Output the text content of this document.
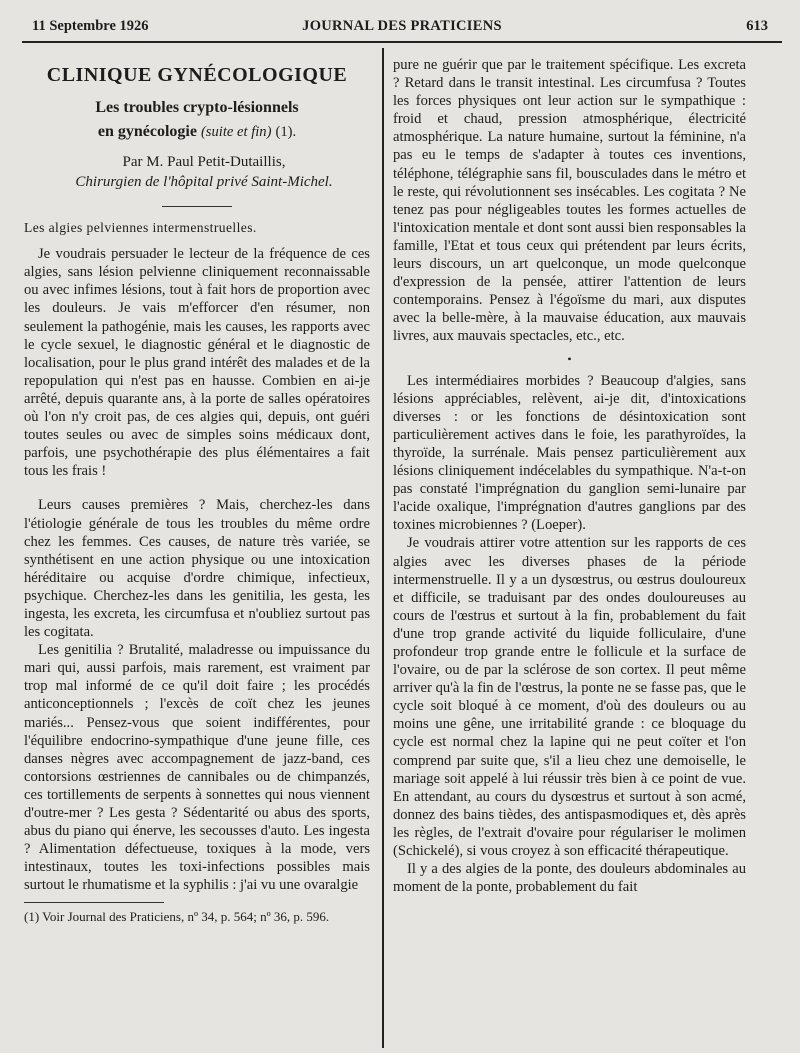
11 Septembre 1926	JOURNAL DES PRATICIENS	613
CLINIQUE GYNÉCOLOGIQUE
Les troubles crypto-lésionnels
en gynécologie (suite et fin) (1).

Par M. Paul Petit-Dutaillis,

Chirurgien de l'hôpital privé Saint-Michel.

Les algies pelviennes intermenstruelles.

Je voudrais persuader le lecteur de la fréquence de ces algies, sans lésion pelvienne cliniquement reconnaissable ou avec infimes lésions, tout à fait hors de proportion avec les douleurs. Je vais m'efforcer d'en résumer, non seulement la pathogénie, mais les causes, les rapports avec le cycle sexuel, le diagnostic général et le diagnostic de localisation, pour le plus grand intérêt des malades et de la repopulation qui n'est pas en hausse. Combien en ai-je arrêté, depuis quarante ans, à la porte de salles opératoires où l'on n'y croit pas, de ces algies qui, depuis, ont guéri toutes seules ou avec de simples soins médicaux dont, parfois, une psychothérapie des plus élémentaires a fait tous les frais !

Leurs causes premières ? Mais, cherchez-les dans l'étiologie générale de tous les troubles du même ordre chez les femmes. Ces causes, de nature très variée, se synthétisent en une action physique ou une intoxication héréditaire ou acquise d'ordre chimique, infectieux, psychique. Cherchez-les dans les genitilia, les gesta, les ingesta, les excreta, les circumfusa et n'oubliez surtout pas les cogitata.

Les genitilia ? Brutalité, maladresse ou impuissance du mari qui, aussi parfois, mais rarement, est vraiment par trop mal informé de ce qu'il doit faire ; les procédés anticonceptionnels ; l'excès de coït chez les jeunes mariés... Pensez-vous que soient indifférentes, pour l'équilibre endocrino-sympathique d'une jeune fille, ces danses nègres avec accompagnement de jazz-band, ces contorsions œstriennes de cannibales ou de chimpanzés, ces tortillements de serpents à sonnettes qui nous viennent d'outre-mer ? Les gesta ? Sédentarité ou abus des sports, abus du piano qui énerve, les secousses d'auto. Les ingesta ? Alimentation défectueuse, toxiques à la mode, vers intestinaux, toutes les toxi-infections possibles mais surtout le rhumatisme et la syphilis : j'ai vu une ovaralgie

(1) Voir Journal des Praticiens, nº 34, p. 564; nº 36, p. 596.

pure ne guérir que par le traitement spécifique. Les excreta ? Retard dans le transit intestinal. Les circumfusa ? Toutes les forces physiques ont leur action sur le sympathique : froid et chaud, pression atmosphérique, électricité atmosphérique. La nature humaine, surtout la féminine, n'a pas eu le temps de s'adapter à toutes ces inventions, téléphone, télégraphie sans fil, bousculades dans le métro et le reste, qui révolutionnent ses insécables. Les cogitata ? Ne tenez pas pour négligeables toutes les formes actuelles de l'intoxication mentale et dont sont aussi bien responsables la famille, l'Etat et tous ceux qui prétendent par leurs écrits, leurs discours, un art quelconque, un mode quelconque d'expression de la pensée, attirer l'attention de leurs contemporains. Pensez à l'égoïsme du mari, aux disputes avec la belle-mère, à la mauvaise éducation, aux mauvais livres, aux mauvais spectacles, etc., etc.

•

Les intermédiaires morbides ? Beaucoup d'algies, sans lésions appréciables, relèvent, ai-je dit, d'intoxications diverses : or les fonctions de désintoxication sont particulièrement actives dans le foie, les parathyroïdes, la thyroïde, la surrénale. Mais pensez particulièrement aux lésions cliniquement indécelables du sympathique. N'a-t-on pas constaté l'imprégnation du ganglion semi-lunaire par l'acide oxalique, l'imprégnation d'autres ganglions par des toxines microbiennes ? (Loeper).

Je voudrais attirer votre attention sur les rapports de ces algies avec les diverses phases de la période intermenstruelle. Il y a un dysœstrus, ou œstrus douloureux et difficile, se traduisant par des ondes douloureuses au cours de l'œstrus et surtout à la fin, probablement du fait d'une trop grande activité du liquide folliculaire, d'une profondeur trop grande entre le follicule et la surface de l'ovaire, ou de par la sclérose de son cortex. Il peut même arriver qu'à la fin de l'œstrus, la ponte ne se fasse pas, que le cycle soit bloqué à ce moment, d'où des douleurs ou au moins une gêne, une irritabilité grande : ce bloquage du cycle est normal chez la lapine qui ne peut coïter et l'on comprend par suite que, s'il a lieu chez une demoiselle, le mariage soit appelé à lui réussir très bien à ce point de vue. En attendant, au cours du dysœstrus et surtout à son acmé, donnez des bains tièdes, des antispasmodiques et, dès après les règles, de l'extrait d'ovaire pour régulariser le molimen (Schickelé), si vous croyez à son efficacité thérapeutique.

Il y a des algies de la ponte, des douleurs abdominales au moment de la ponte, probablement du fait
